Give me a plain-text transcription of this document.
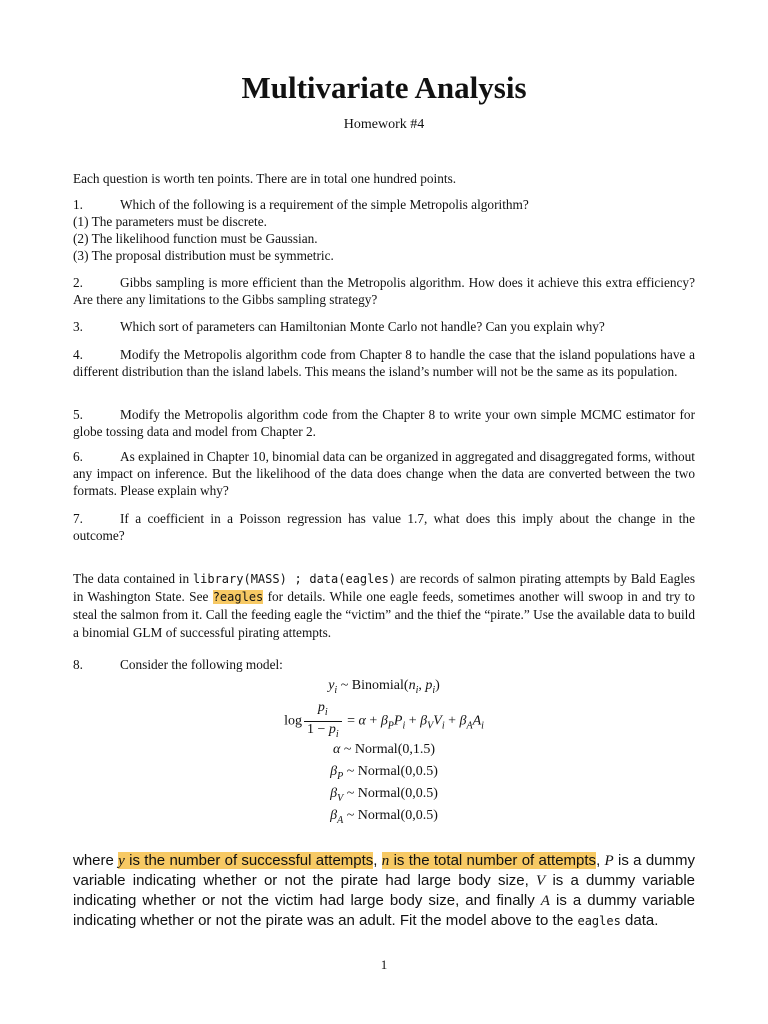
Multivariate Analysis
Homework #4

Each question is worth ten points. There are in total one hundred points.

1.	Which of the following is a requirement of the simple Metropolis algorithm?

(1) The parameters must be discrete.

(2) The likelihood function must be Gaussian.

(3) The proposal distribution must be symmetric.

2.	Gibbs sampling is more efficient than the Metropolis algorithm. How does it achieve this extra efficiency? Are there any limitations to the Gibbs sampling strategy?

3.	Which sort of parameters can Hamiltonian Monte Carlo not handle? Can you explain why?

4.	Modify the Metropolis algorithm code from Chapter 8 to handle the case that the island populations have a different distribution than the island labels. This means the island’s number will not be the same as its population.

5.	Modify the Metropolis algorithm code from the Chapter 8 to write your own simple MCMC estimator for globe tossing data and model from Chapter 2.

6.	As explained in Chapter 10, binomial data can be organized in aggregated and disaggregated forms, without any impact on inference. But the likelihood of the data does change when the data are converted between the two formats. Please explain why?

7.	If a coefficient in a Poisson regression has value 1.7, what does this imply about the change in the outcome?

The data contained in library(MASS) ; data(eagles) are records of salmon pirating attempts by Bald Eagles in Washington State. See ?eagles for details. While one eagle feeds, sometimes another will swoop in and try to steal the salmon from it. Call the feeding eagle the “victim” and the thief the “pirate.” Use the available data to build a binomial GLM of successful pirating attempts.

8.	Consider the following model:

$y_i$ ~ $Binomial(n_i$, $p_i$)
$\log \frac{p_i}{1 - p_i} = \alpha + \beta_PP_i + \beta_VV_i + \beta_AA_i$
α ~ Normal(0,1.5)
$\beta_P$ ~ Normal(0,0.5)
$\beta_V$ ~ Normal(0,0.5)
$\beta_A$ ~ Normal(0,0.5)
where y is the number of successful attempts, n is the total number of attempts, P is a dummy variable indicating whether or not the pirate had large body size, V is a dummy variable indicating whether or not the victim had large body size, and finally A is a dummy variable indicating whether or not the pirate was an adult. Fit the model above to the eagles data.
1
